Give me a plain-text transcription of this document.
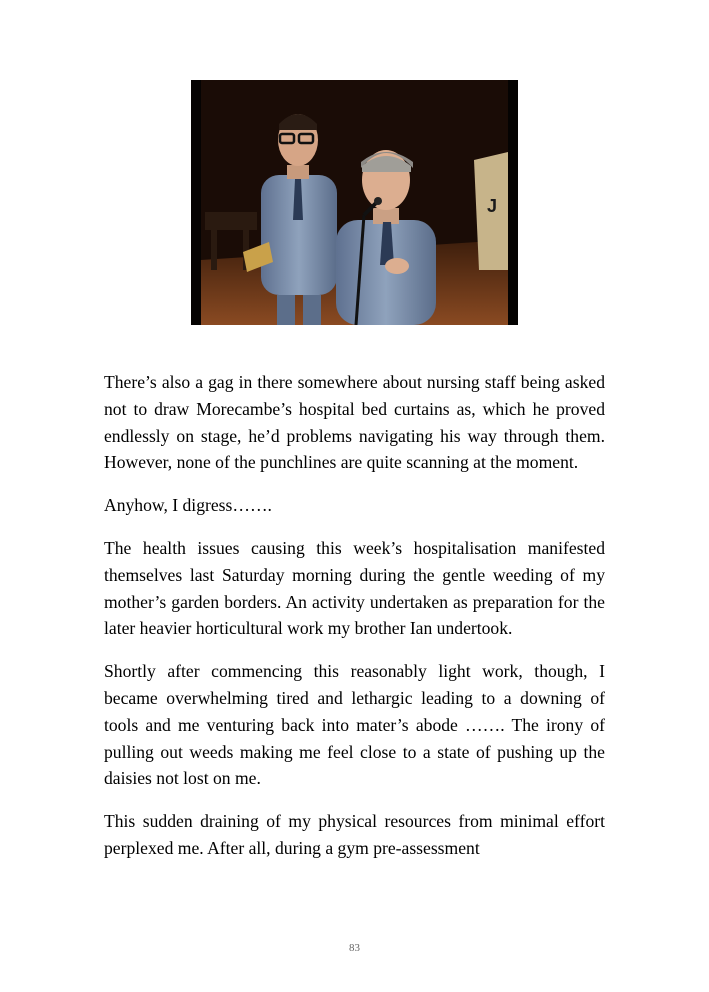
J

There’s also a gag in there somewhere about nursing staff being asked not to draw Morecambe’s hospital bed curtains as, which he proved endlessly on stage, he’d problems navigating his way through them. However, none of the punchlines are quite scanning at the moment.

Anyhow, I digress…….

The health issues causing this week’s hospitalisation manifested themselves last Saturday morning during the gentle weeding of my mother’s garden borders. An activity undertaken as preparation for the later heavier horticultural work my brother Ian undertook.

Shortly after commencing this reasonably light work, though, I became overwhelming tired and lethargic leading to a downing of tools and me venturing back into mater’s abode ……. The irony of pulling out weeds making me feel close to a state of pushing up the daisies not lost on me.

This sudden draining of my physical resources from minimal effort perplexed me. After all, during a gym pre-assessment

83
